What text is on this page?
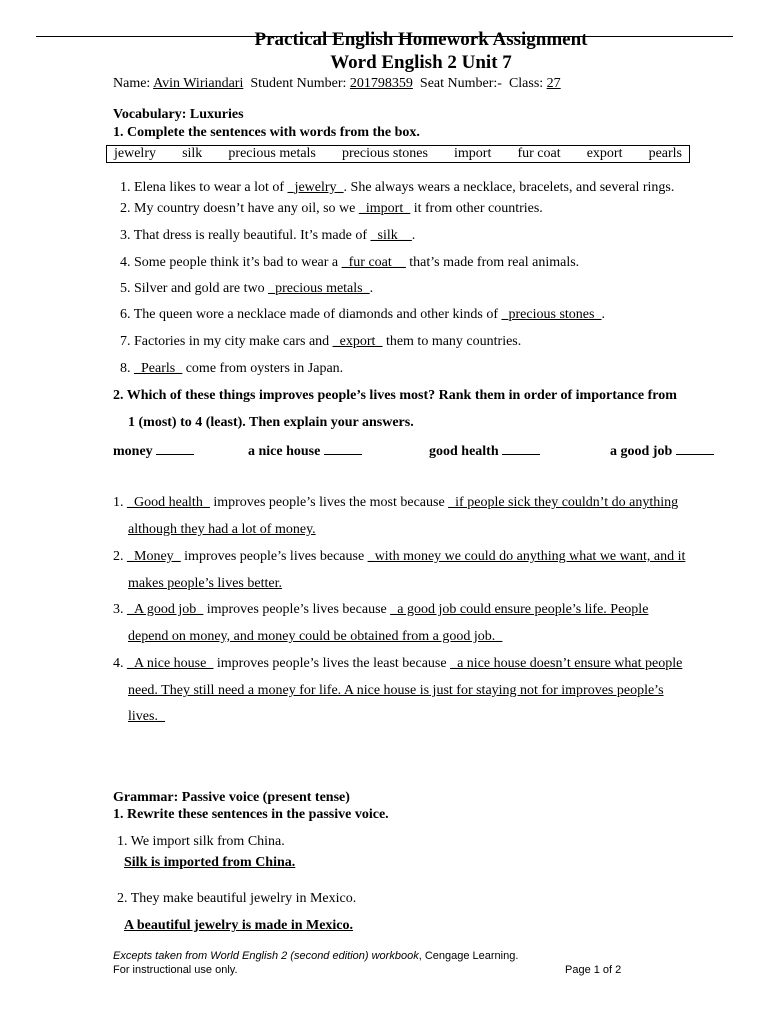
Practical English Homework Assignment
Word English 2 Unit 7
Name: Avin Wiriandari Student Number: 201798359 Seat Number:- Class: 27
Vocabulary: Luxuries
1. Complete the sentences with words from the box.
jewelry silk precious metals precious stones import fur coat export pearls
1. Elena likes to wear a lot of _jewelry_. She always wears a necklace, bracelets, and several rings.
2. My country doesn’t have any oil, so we _import_ it from other countries.
3. That dress is really beautiful. It’s made of _silk__.
4. Some people think it’s bad to wear a _fur coat__ that’s made from real animals.
5. Silver and gold are two _precious metals_.
6. The queen wore a necklace made of diamonds and other kinds of _precious stones_.
7. Factories in my city make cars and _export_ them to many countries.
8. _Pearls_ come from oysters in Japan.
2. Which of these things improves people’s lives most? Rank them in order of importance from
1 (most) to 4 (least). Then explain your answers.
money	a nice house	good health	a good job
1. _Good health_ improves people’s lives the most because _if people sick they couldn’t do anything
although they had a lot of money.
2. _Money_ improves people’s lives because _with money we could do anything what we want, and it
makes people’s lives better.
3. _A good job_ improves people’s lives because _a good job could ensure people’s life. People
depend on money, and money could be obtained from a good job._
4. _A nice house_ improves people’s lives the least because _a nice house doesn’t ensure what people
need. They still need a money for life. A nice house is just for staying not for improves people’s
lives._
Grammar: Passive voice (present tense)
1. Rewrite these sentences in the passive voice.
1. We import silk from China.
Silk is imported from China.
2. They make beautiful jewelry in Mexico.
A beautiful jewelry is made in Mexico.
Excepts taken from World English 2 (second edition) workbook, Cengage Learning.
For instructional use only.	Page 1 of 2
